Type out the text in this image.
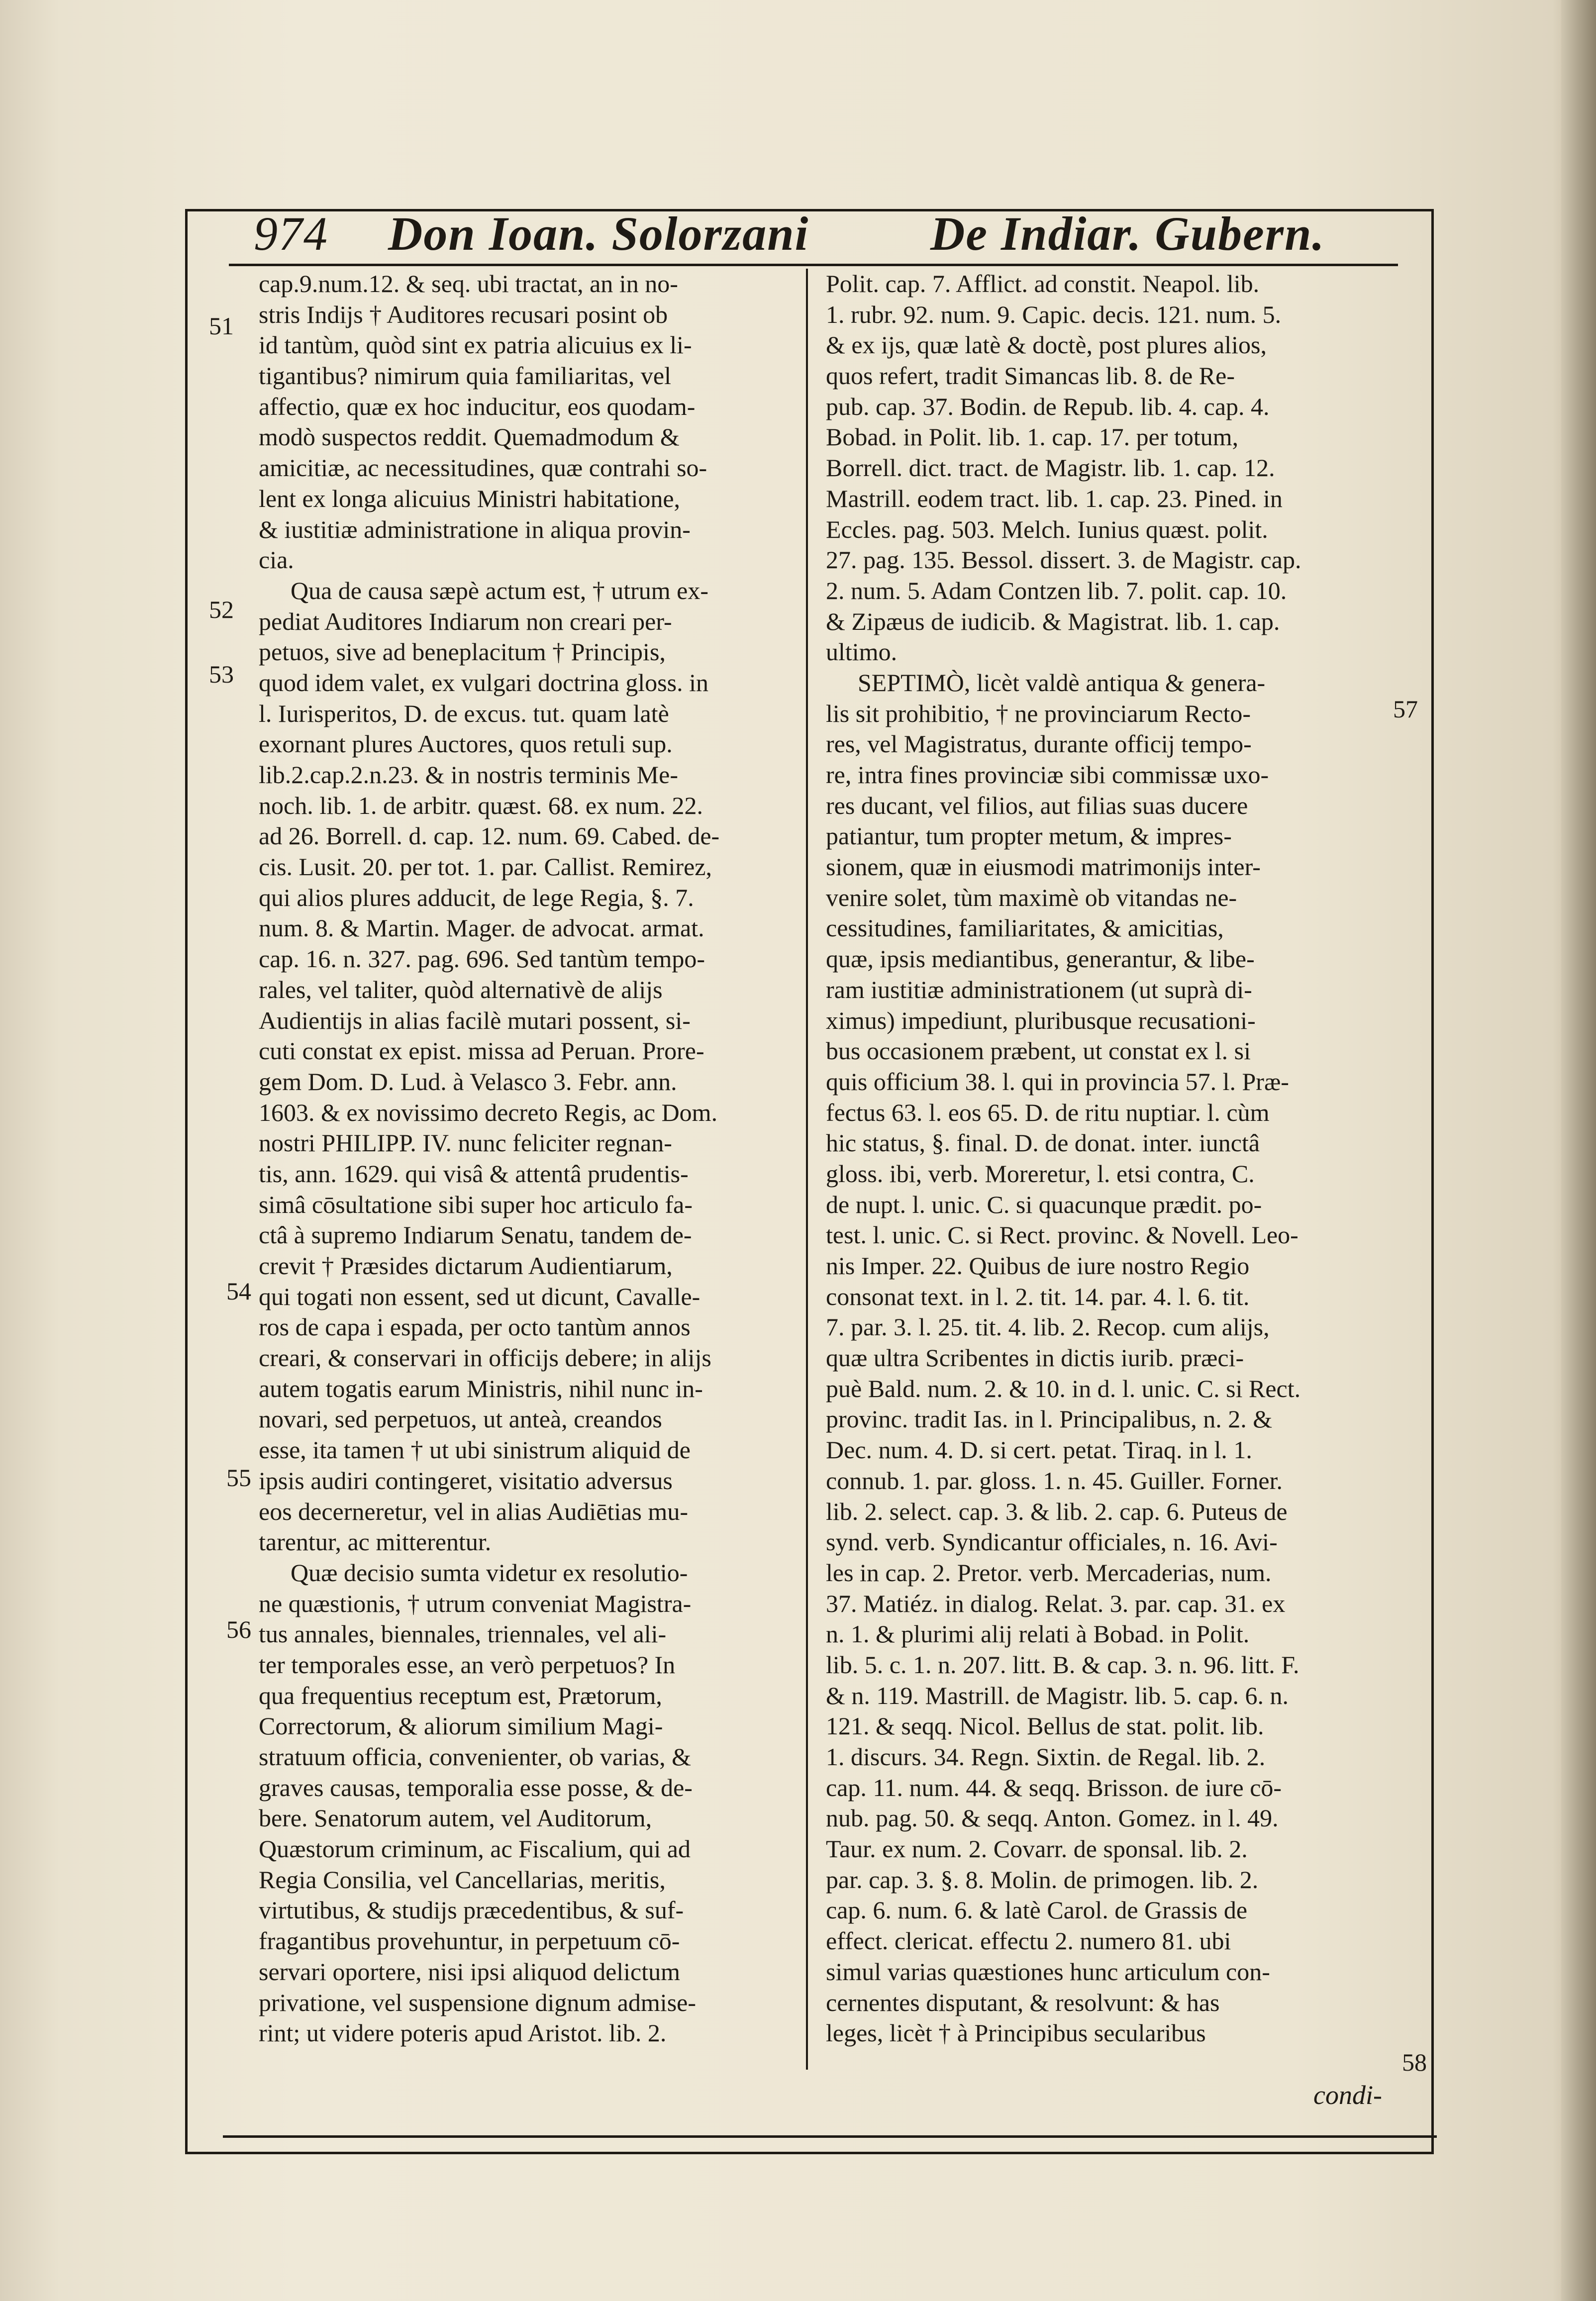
974 Don Ioan. Solorzani	De Indiar. Gubern.
cap.9.num.12. & seq. ubi tractat, an in no-
stris Indijs † Auditores recusari posint ob
id tantùm, quòd sint ex patria alicuius ex li-
tigantibus? nimirum quia familiaritas, vel
affectio, quæ ex hoc inducitur, eos quodam-
modò suspectos reddit. Quemadmodum &
amicitiæ, ac necessitudines, quæ contrahi so-
lent ex longa alicuius Ministri habitatione,
& iustitiæ administratione in aliqua provin-
cia.
Qua de causa sæpè actum est, † utrum ex-
pediat Auditores Indiarum non creari per-
petuos, sive ad beneplacitum † Principis,
quod idem valet, ex vulgari doctrina gloss. in
l. Iurisperitos, D. de excus. tut. quam latè
exornant plures Auctores, quos retuli sup.
lib.2.cap.2.n.23. & in nostris terminis Me-
noch. lib. 1. de arbitr. quæst. 68. ex num. 22.
ad 26. Borrell. d. cap. 12. num. 69. Cabed. de-
cis. Lusit. 20. per tot. 1. par. Callist. Remirez,
qui alios plures adducit, de lege Regia, §. 7.
num. 8. & Martin. Mager. de advocat. armat.
cap. 16. n. 327. pag. 696. Sed tantùm tempo-
rales, vel taliter, quòd alternativè de alijs
Audientijs in alias facilè mutari possent, si-
cuti constat ex epist. missa ad Peruan. Prore-
gem Dom. D. Lud. à Velasco 3. Febr. ann.
1603. & ex novissimo decreto Regis, ac Dom.
nostri PHILIPP. IV. nunc feliciter regnan-
tis, ann. 1629. qui visâ & attentâ prudentis-
simâ cōsultatione sibi super hoc articulo fa-
ctâ à supremo Indiarum Senatu, tandem de-
crevit † Præsides dictarum Audientiarum,
qui togati non essent, sed ut dicunt, Cavalle-
ros de capa i espada, per octo tantùm annos
creari, & conservari in officijs debere; in alijs
autem togatis earum Ministris, nihil nunc in-
novari, sed perpetuos, ut anteà, creandos
esse, ita tamen † ut ubi sinistrum aliquid de
ipsis audiri contingeret, visitatio adversus
eos decerneretur, vel in alias Audiētias mu-
tarentur, ac mitterentur.
Quæ decisio sumta videtur ex resolutio-
ne quæstionis, † utrum conveniat Magistra-
tus annales, biennales, triennales, vel ali-
ter temporales esse, an verò perpetuos? In
qua frequentius receptum est, Prætorum,
Correctorum, & aliorum similium Magi-
stratuum officia, convenienter, ob varias, &
graves causas, temporalia esse posse, & de-
bere. Senatorum autem, vel Auditorum,
Quæstorum criminum, ac Fiscalium, qui ad
Regia Consilia, vel Cancellarias, meritis,
virtutibus, & studijs præcedentibus, & suf-
fragantibus provehuntur, in perpetuum cō-
servari oportere, nisi ipsi aliquod delictum
privatione, vel suspensione dignum admise-
rint; ut videre poteris apud Aristot. lib. 2.
Polit. cap. 7. Afflict. ad constit. Neapol. lib.
1. rubr. 92. num. 9. Capic. decis. 121. num. 5.
& ex ijs, quæ latè & doctè, post plures alios,
quos refert, tradit Simancas lib. 8. de Re-
pub. cap. 37. Bodin. de Repub. lib. 4. cap. 4.
Bobad. in Polit. lib. 1. cap. 17. per totum,
Borrell. dict. tract. de Magistr. lib. 1. cap. 12.
Mastrill. eodem tract. lib. 1. cap. 23. Pined. in
Eccles. pag. 503. Melch. Iunius quæst. polit.
27. pag. 135. Bessol. dissert. 3. de Magistr. cap.
2. num. 5. Adam Contzen lib. 7. polit. cap. 10.
& Zipæus de iudicib. & Magistrat. lib. 1. cap.
ultimo.
SEPTIMÒ, licèt valdè antiqua & genera-
lis sit prohibitio, † ne provinciarum Recto-
res, vel Magistratus, durante officij tempo-
re, intra fines provinciæ sibi commissæ uxo-
res ducant, vel filios, aut filias suas ducere
patiantur, tum propter metum, & impres-
sionem, quæ in eiusmodi matrimonijs inter-
venire solet, tùm maximè ob vitandas ne-
cessitudines, familiaritates, & amicitias,
quæ, ipsis mediantibus, generantur, & libe-
ram iustitiæ administrationem (ut suprà di-
ximus) impediunt, pluribusque recusationi-
bus occasionem præbent, ut constat ex l. si
quis officium 38. l. qui in provincia 57. l. Præ-
fectus 63. l. eos 65. D. de ritu nuptiar. l. cùm
hic status, §. final. D. de donat. inter. iunctâ
gloss. ibi, verb. Moreretur, l. etsi contra, C.
de nupt. l. unic. C. si quacunque prædit. po-
test. l. unic. C. si Rect. provinc. & Novell. Leo-
nis Imper. 22. Quibus de iure nostro Regio
consonat text. in l. 2. tit. 14. par. 4. l. 6. tit.
7. par. 3. l. 25. tit. 4. lib. 2. Recop. cum alijs,
quæ ultra Scribentes in dictis iurib. præci-
puè Bald. num. 2. & 10. in d. l. unic. C. si Rect.
provinc. tradit Ias. in l. Principalibus, n. 2. &
Dec. num. 4. D. si cert. petat. Tiraq. in l. 1.
connub. 1. par. gloss. 1. n. 45. Guiller. Forner.
lib. 2. select. cap. 3. & lib. 2. cap. 6. Puteus de
synd. verb. Syndicantur officiales, n. 16. Avi-
les in cap. 2. Pretor. verb. Mercaderias, num.
37. Matiéz. in dialog. Relat. 3. par. cap. 31. ex
n. 1. & plurimi alij relati à Bobad. in Polit.
lib. 5. c. 1. n. 207. litt. B. & cap. 3. n. 96. litt. F.
& n. 119. Mastrill. de Magistr. lib. 5. cap. 6. n.
121. & seqq. Nicol. Bellus de stat. polit. lib.
1. discurs. 34. Regn. Sixtin. de Regal. lib. 2.
cap. 11. num. 44. & seqq. Brisson. de iure cō-
nub. pag. 50. & seqq. Anton. Gomez. in l. 49.
Taur. ex num. 2. Covarr. de sponsal. lib. 2.
par. cap. 3. §. 8. Molin. de primogen. lib. 2.
cap. 6. num. 6. & latè Carol. de Grassis de
effect. clericat. effectu 2. numero 81. ubi
simul varias quæstiones hunc articulum con-
cernentes disputant, & resolvunt: & has
leges, licèt † à Principibus secularibus
51
52
53
54
55
56
57
58
condi-
